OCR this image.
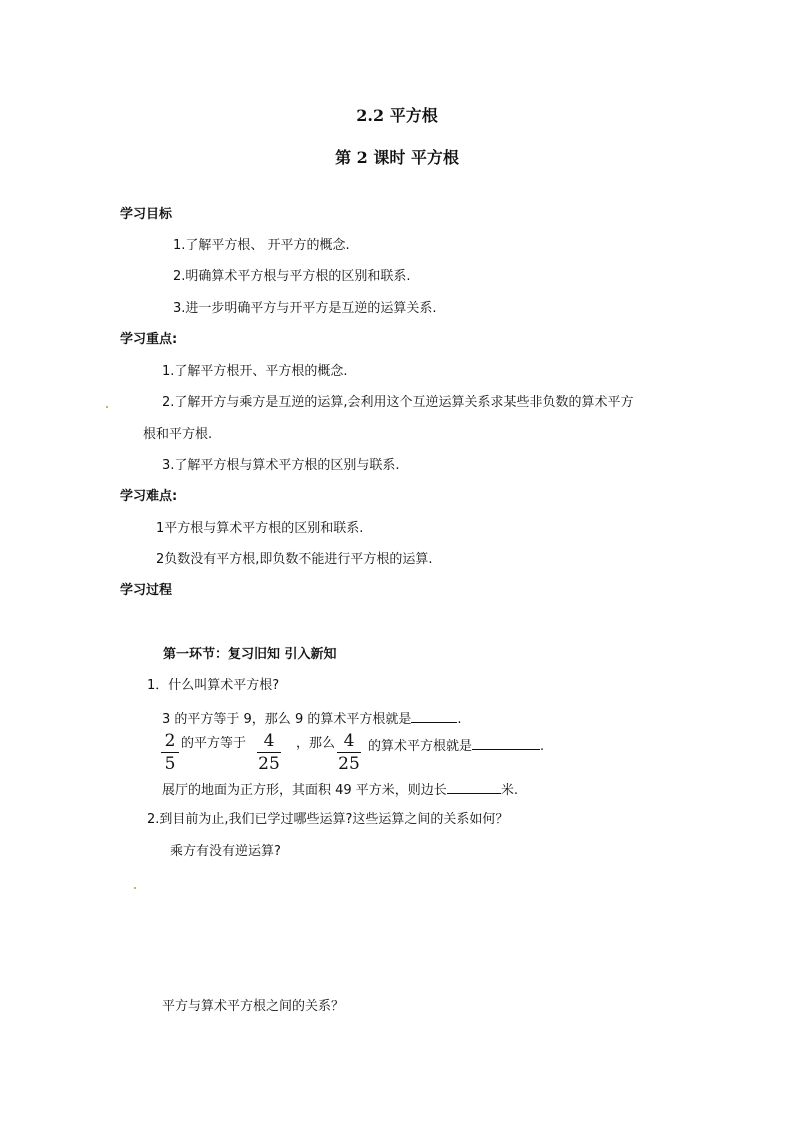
2.2 平方根
第 2 课时 平方根
学习目标
1.了解平方根、 开平方的概念.
2.明确算术平方根与平方根的区别和联系.
3.进一步明确平方与开平方是互逆的运算关系.
学习重点:
1.了解平方根开、平方根的概念.
2.了解开方与乘方是互逆的运算,会利用这个互逆运算关系求某些非负数的算术平方
根和平方根.
3.了解平方根与算术平方根的区别与联系.
学习难点:
1平方根与算术平方根的区别和联系.
2负数没有平方根,即负数不能进行平方根的运算.
学习过程
第一环节：复习旧知 引入新知
1．什么叫算术平方根?
3 的平方等于 9，那么 9 的算术平方根就是	.
$\frac{2}{5}$ 的平方等于 $\frac{4}{25}$ ，那么 $\frac{4}{25}$ 的算术平方根就是	.
展厅的地面为正方形，其面积 49 平方米，则边长	米.
2.到目前为止,我们已学过哪些运算?这些运算之间的关系如何？
乘方有没有逆运算?
平方与算术平方根之间的关系？
